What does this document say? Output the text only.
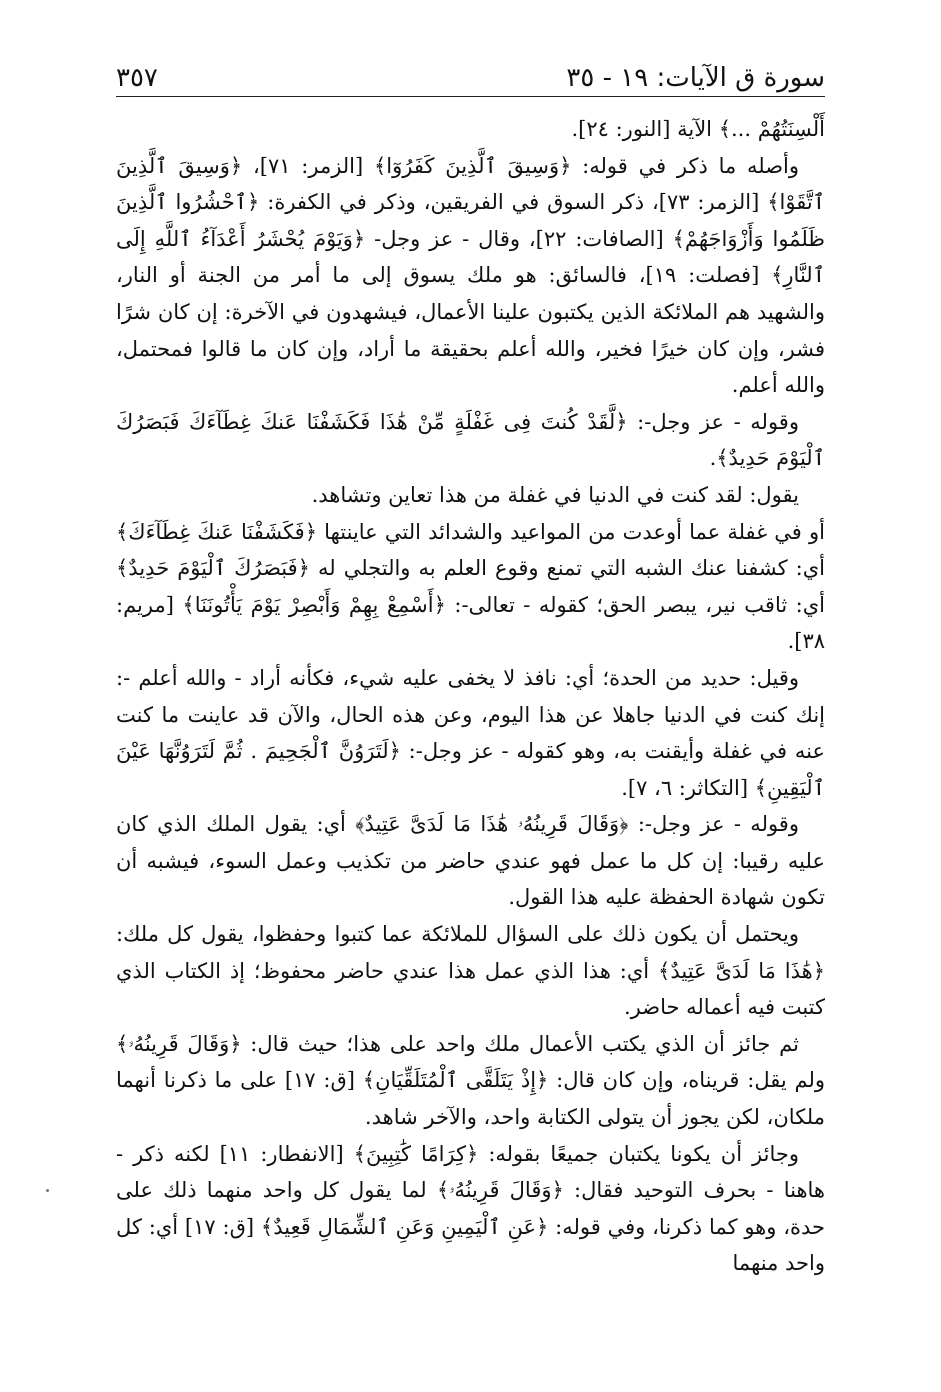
سورة ق الآيات: ١٩ - ٣٥
٣٥٧

أَلْسِنَتُهُمْ ...﴾ الآية [النور: ٢٤].

وأصله ما ذكر في قوله: ﴿وَسِيقَ ٱلَّذِينَ كَفَرُوٓا﴾ [الزمر: ٧١]، ﴿وَسِيقَ ٱلَّذِينَ ٱتَّقَوْا﴾ [الزمر: ٧٣]، ذكر السوق في الفريقين، وذكر في الكفرة: ﴿ٱحْشُرُوا ٱلَّذِينَ ظَلَمُوا وَأَزْوَاجَهُمْ﴾ [الصافات: ٢٢]، وقال - عز وجل- ﴿وَيَوْمَ يُحْشَرُ أَعْدَآءُ ٱللَّهِ إِلَى ٱلنَّارِ﴾ [فصلت: ١٩]، فالسائق: هو ملك يسوق إلى ما أمر من الجنة أو النار، والشهيد هم الملائكة الذين يكتبون علينا الأعمال، فيشهدون في الآخرة: إن كان شرًا فشر، وإن كان خيرًا فخير، والله أعلم بحقيقة ما أراد، وإن كان ما قالوا فمحتمل، والله أعلم.

وقوله - عز وجل-: ﴿لَّقَدْ كُنتَ فِى غَفْلَةٍ مِّنْ هَٰذَا فَكَشَفْنَا عَنكَ غِطَآءَكَ فَبَصَرُكَ ٱلْيَوْمَ حَدِيدٌ﴾.

يقول: لقد كنت في الدنيا في غفلة من هذا تعاين وتشاهد.

أو في غفلة عما أوعدت من المواعيد والشدائد التي عاينتها ﴿فَكَشَفْنَا عَنكَ غِطَآءَكَ﴾ أي: كشفنا عنك الشبه التي تمنع وقوع العلم به والتجلي له ﴿فَبَصَرُكَ ٱلْيَوْمَ حَدِيدٌ﴾ أي: ثاقب نير، يبصر الحق؛ كقوله - تعالى-: ﴿أَسْمِعْ بِهِمْ وَأَبْصِرْ يَوْمَ يَأْتُونَنَا﴾ [مريم: ٣٨].

وقيل: حديد من الحدة؛ أي: نافذ لا يخفى عليه شيء، فكأنه أراد - والله أعلم -: إنك كنت في الدنيا جاهلا عن هذا اليوم، وعن هذه الحال، والآن قد عاينت ما كنت عنه في غفلة وأيقنت به، وهو كقوله - عز وجل-: ﴿لَتَرَوُنَّ ٱلْجَحِيمَ . ثُمَّ لَتَرَوُنَّهَا عَيْنَ ٱلْيَقِينِ﴾ [التكاثر: ٦، ٧].

وقوله - عز وجل-: ﴿وَقَالَ قَرِينُهُۥ هَٰذَا مَا لَدَىَّ عَتِيدٌ﴾ أي: يقول الملك الذي كان عليه رقيبا: إن كل ما عمل فهو عندي حاضر من تكذيب وعمل السوء، فيشبه أن تكون شهادة الحفظة عليه هذا القول.

ويحتمل أن يكون ذلك على السؤال للملائكة عما كتبوا وحفظوا، يقول كل ملك: ﴿هَٰذَا مَا لَدَىَّ عَتِيدٌ﴾ أي: هذا الذي عمل هذا عندي حاضر محفوظ؛ إذ الكتاب الذي كتبت فيه أعماله حاضر.

ثم جائز أن الذي يكتب الأعمال ملك واحد على هذا؛ حيث قال: ﴿وَقَالَ قَرِينُهُۥ﴾ ولم يقل: قريناه، وإن كان قال: ﴿إِذْ يَتَلَقَّى ٱلْمُتَلَقِّيَانِ﴾ [ق: ١٧] على ما ذكرنا أنهما ملكان، لكن يجوز أن يتولى الكتابة واحد، والآخر شاهد.

وجائز أن يكونا يكتبان جميعًا بقوله: ﴿كِرَامًا كَٰتِبِينَ﴾ [الانفطار: ١١] لكنه ذكر - هاهنا - بحرف التوحيد فقال: ﴿وَقَالَ قَرِينُهُۥ﴾ لما يقول كل واحد منهما ذلك على حدة، وهو كما ذكرنا، وفي قوله: ﴿عَنِ ٱلْيَمِينِ وَعَنِ ٱلشِّمَالِ قَعِيدٌ﴾ [ق: ١٧] أي: كل واحد منهما
